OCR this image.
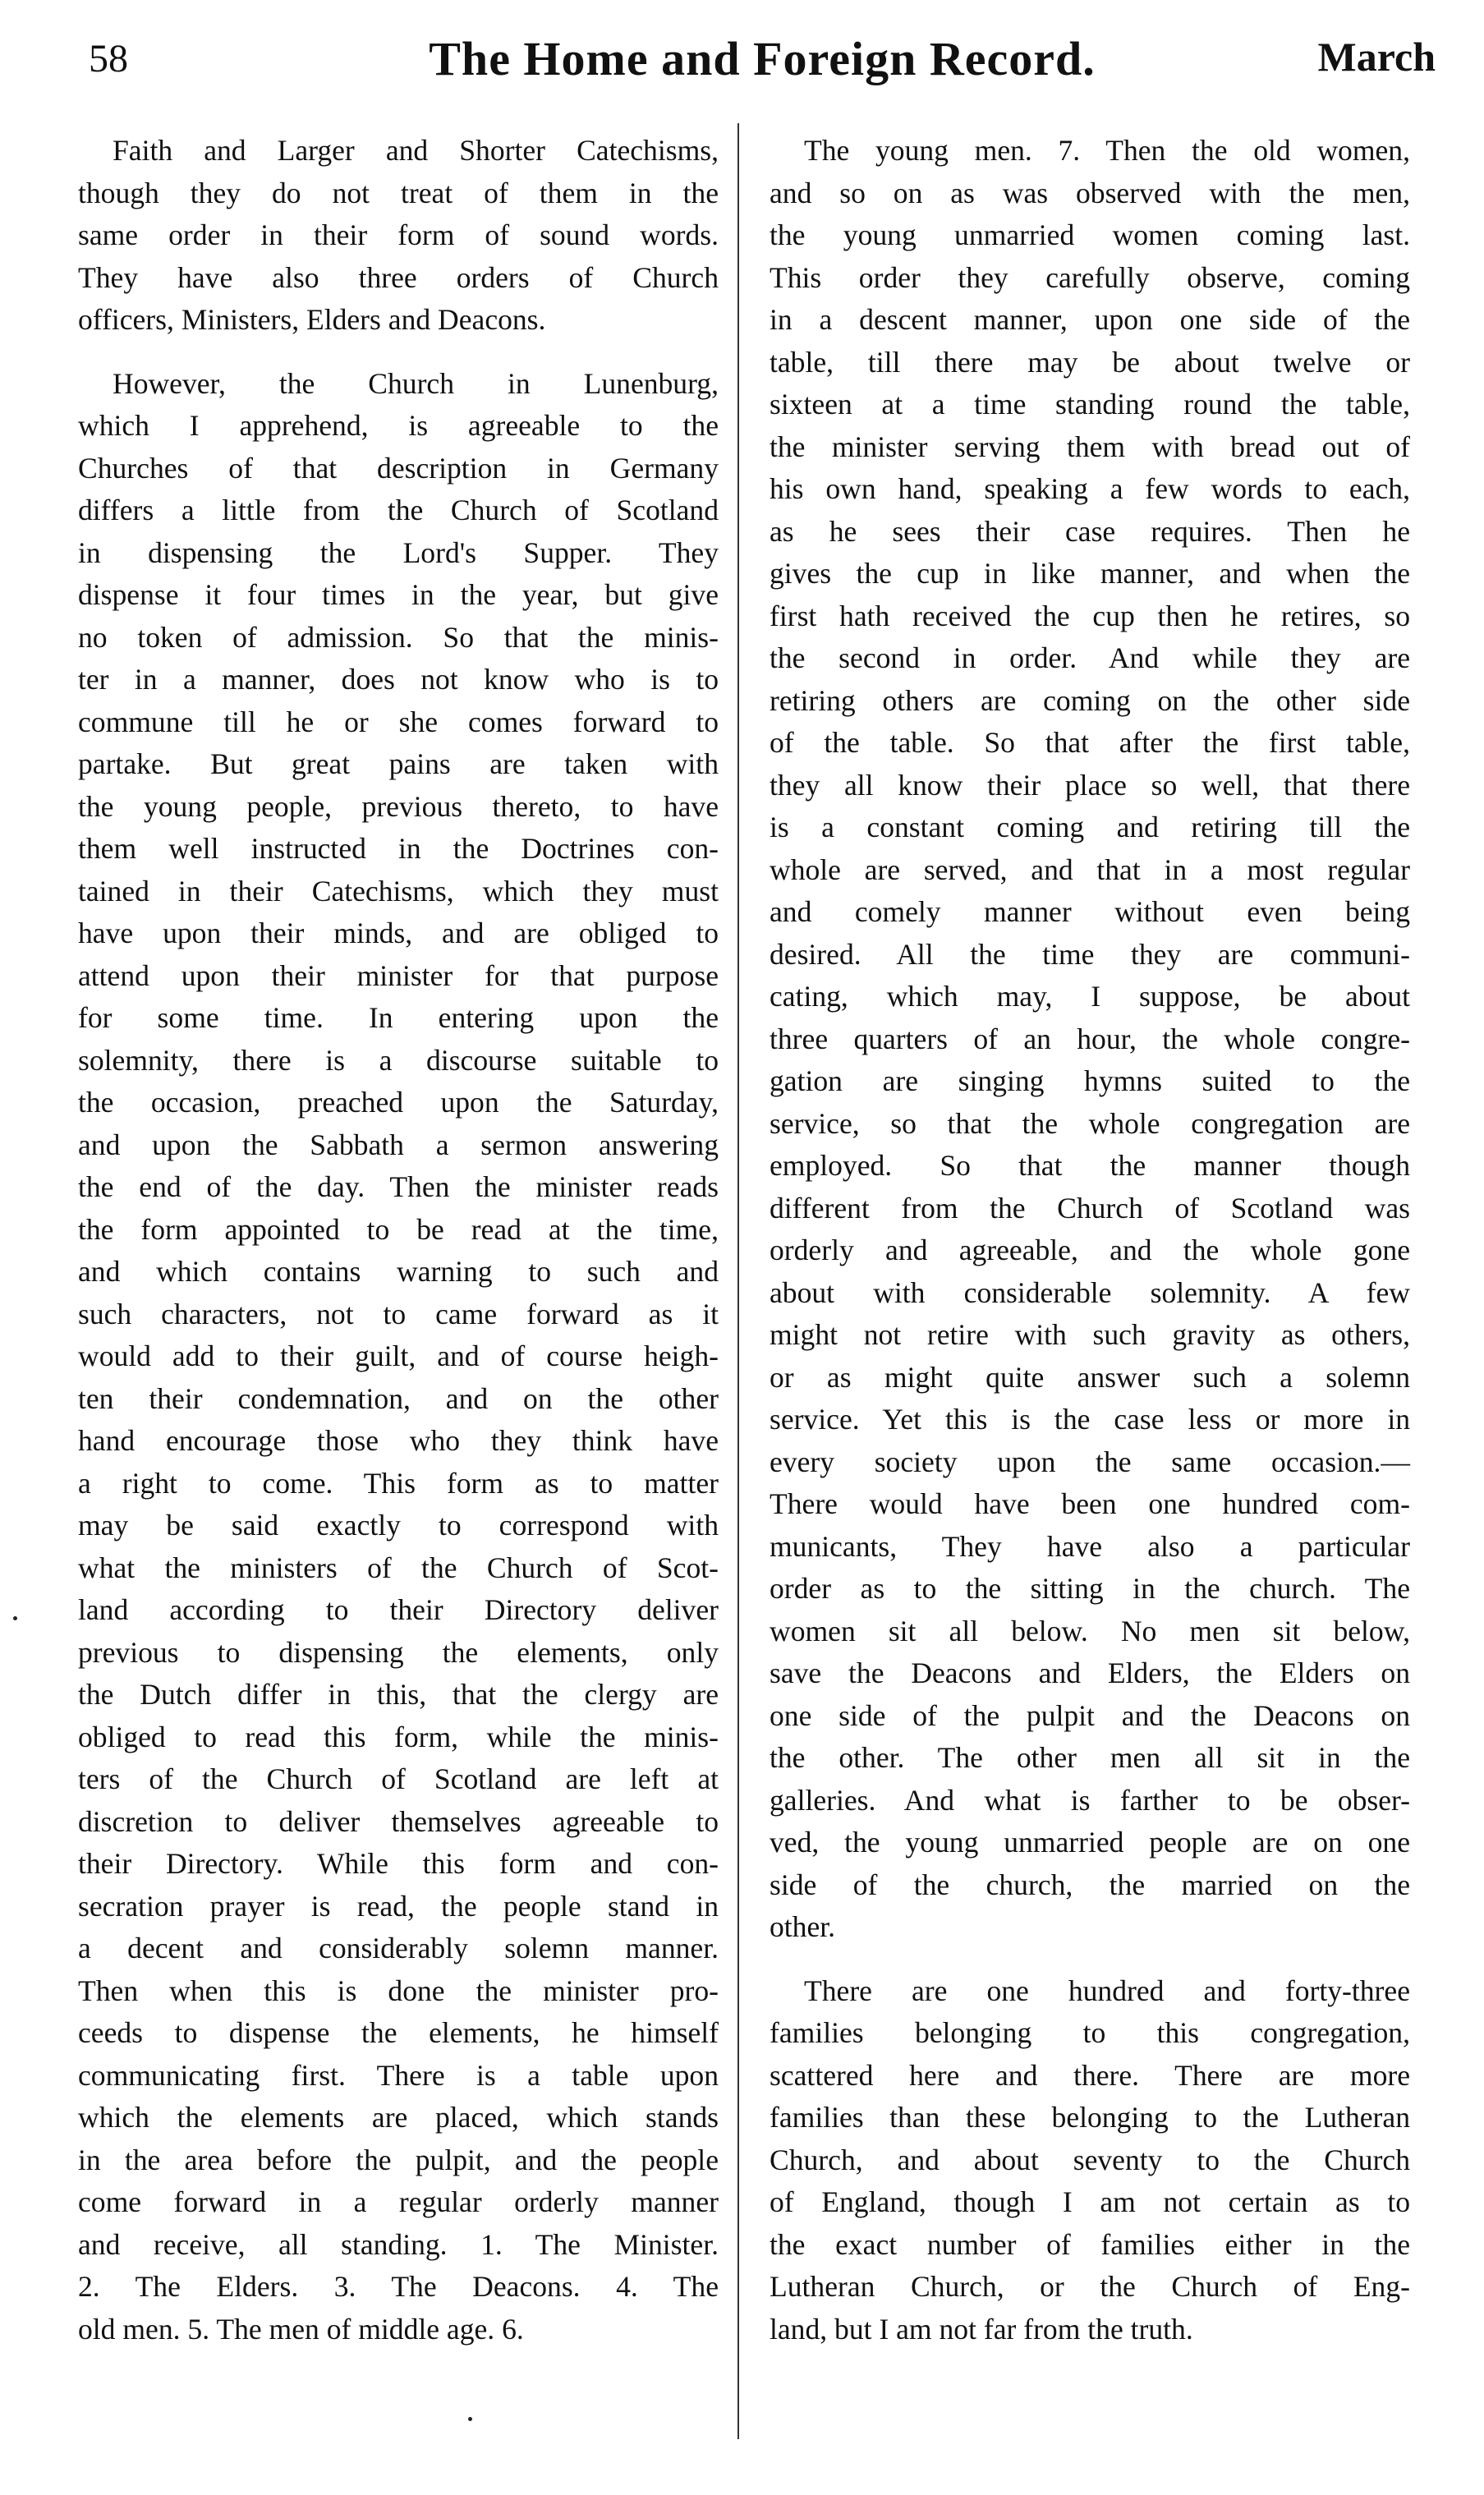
58	The Home and Foreign Record.	March
Faith and Larger and Shorter Catechisms,
though they do not treat of them in the
same order in their form of sound words.
They have also three orders of Church
officers, Ministers, Elders and Deacons.
However, the Church in Lunenburg,
which I apprehend, is agreeable to the
Churches of that description in Germany
differs a little from the Church of Scotland
in dispensing the Lord's Supper. They
dispense it four times in the year, but give
no token of admission. So that the minis-
ter in a manner, does not know who is to
commune till he or she comes forward to
partake. But great pains are taken with
the young people, previous thereto, to have
them well instructed in the Doctrines con-
tained in their Catechisms, which they must
have upon their minds, and are obliged to
attend upon their minister for that purpose
for some time. In entering upon the
solemnity, there is a discourse suitable to
the occasion, preached upon the Saturday,
and upon the Sabbath a sermon answering
the end of the day. Then the minister reads
the form appointed to be read at the time,
and which contains warning to such and
such characters, not to came forward as it
would add to their guilt, and of course heigh-
ten their condemnation, and on the other
hand encourage those who they think have
a right to come. This form as to matter
may be said exactly to correspond with
what the ministers of the Church of Scot-
land according to their Directory deliver
previous to dispensing the elements, only
the Dutch differ in this, that the clergy are
obliged to read this form, while the minis-
ters of the Church of Scotland are left at
discretion to deliver themselves agreeable to
their Directory. While this form and con-
secration prayer is read, the people stand in
a decent and considerably solemn manner.
Then when this is done the minister pro-
ceeds to dispense the elements, he himself
communicating first. There is a table upon
which the elements are placed, which stands
in the area before the pulpit, and the people
come forward in a regular orderly manner
and receive, all standing. 1. The Minister.
2. The Elders. 3. The Deacons. 4. The
old men. 5. The men of middle age. 6.
The young men. 7. Then the old women,
and so on as was observed with the men,
the young unmarried women coming last.
This order they carefully observe, coming
in a descent manner, upon one side of the
table, till there may be about twelve or
sixteen at a time standing round the table,
the minister serving them with bread out of
his own hand, speaking a few words to each,
as he sees their case requires. Then he
gives the cup in like manner, and when the
first hath received the cup then he retires, so
the second in order. And while they are
retiring others are coming on the other side
of the table. So that after the first table,
they all know their place so well, that there
is a constant coming and retiring till the
whole are served, and that in a most regular
and comely manner without even being
desired. All the time they are communi-
cating, which may, I suppose, be about
three quarters of an hour, the whole congre-
gation are singing hymns suited to the
service, so that the whole congregation are
employed. So that the manner though
different from the Church of Scotland was
orderly and agreeable, and the whole gone
about with considerable solemnity. A few
might not retire with such gravity as others,
or as might quite answer such a solemn
service. Yet this is the case less or more in
every society upon the same occasion.—
There would have been one hundred com-
municants, They have also a particular
order as to the sitting in the church. The
women sit all below. No men sit below,
save the Deacons and Elders, the Elders on
one side of the pulpit and the Deacons on
the other. The other men all sit in the
galleries. And what is farther to be obser-
ved, the young unmarried people are on one
side of the church, the married on the
other.
There are one hundred and forty-three
families belonging to this congregation,
scattered here and there. There are more
families than these belonging to the Lutheran
Church, and about seventy to the Church
of England, though I am not certain as to
the exact number of families either in the
Lutheran Church, or the Church of Eng-
land, but I am not far from the truth.
